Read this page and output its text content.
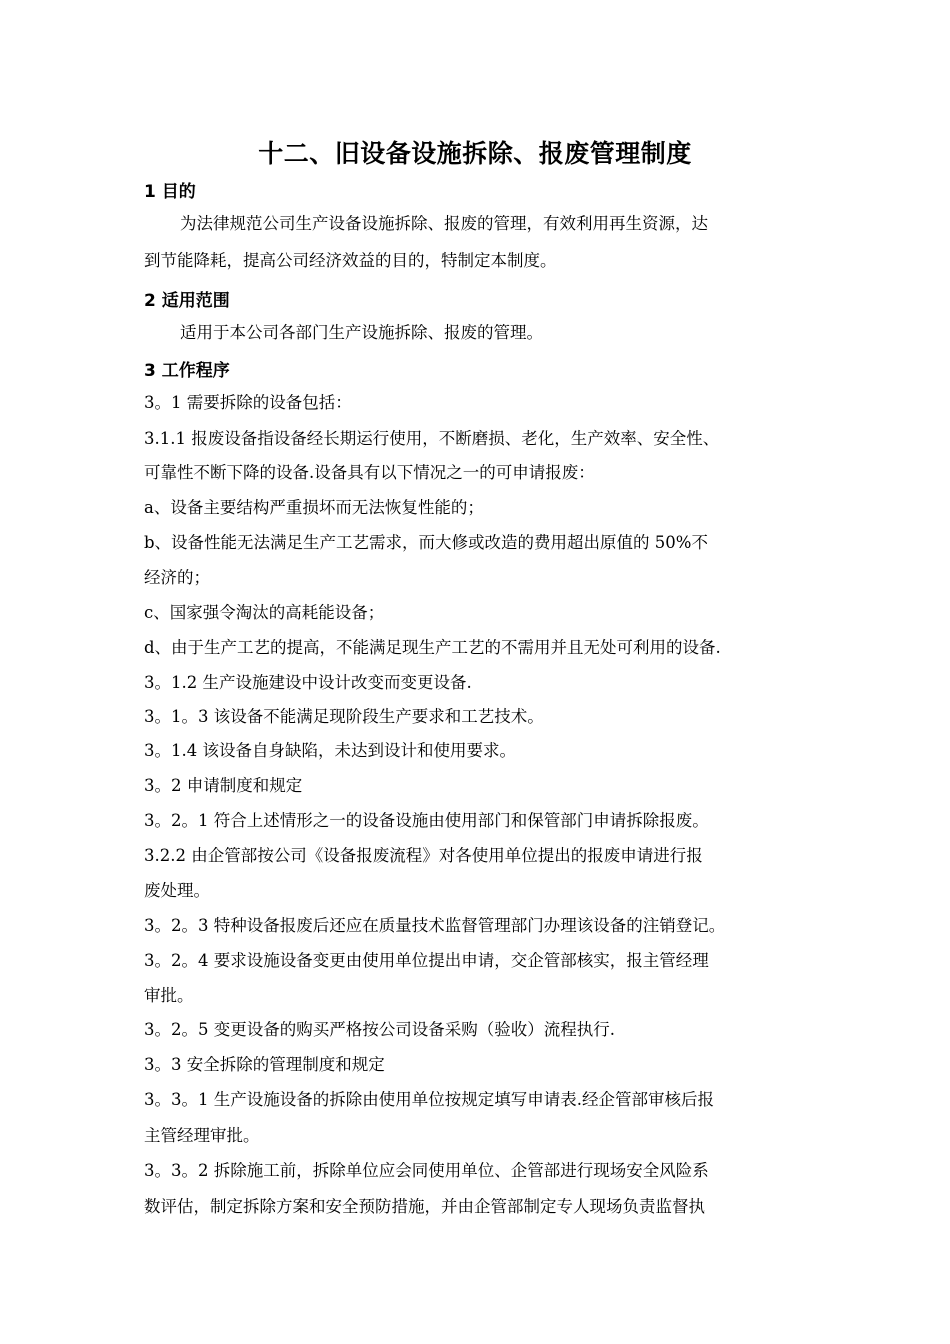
十二、旧设备设施拆除、报废管理制度
1 目的
为法律规范公司生产设备设施拆除、报废的管理，有效利用再生资源，达
到节能降耗，提高公司经济效益的目的，特制定本制度。
2 适用范围
适用于本公司各部门生产设施拆除、报废的管理。
3 工作程序
3。1 需要拆除的设备包括：
3.1.1 报废设备指设备经长期运行使用，不断磨损、老化，生产效率、安全性、
可靠性不断下降的设备.设备具有以下情况之一的可申请报废：
a、设备主要结构严重损坏而无法恢复性能的；
b、设备性能无法满足生产工艺需求，而大修或改造的费用超出原值的 50%不
经济的；
c、国家强令淘汰的高耗能设备；
d、由于生产工艺的提高，不能满足现生产工艺的不需用并且无处可利用的设备.
3。1.2 生产设施建设中设计改变而变更设备.
3。1。3 该设备不能满足现阶段生产要求和工艺技术。
3。1.4 该设备自身缺陷，未达到设计和使用要求。
3。2 申请制度和规定
3。2。1 符合上述情形之一的设备设施由使用部门和保管部门申请拆除报废。
3.2.2 由企管部按公司《设备报废流程》对各使用单位提出的报废申请进行报
废处理。
3。2。3 特种设备报废后还应在质量技术监督管理部门办理该设备的注销登记。
3。2。4 要求设施设备变更由使用单位提出申请，交企管部核实，报主管经理
审批。
3。2。5 变更设备的购买严格按公司设备采购（验收）流程执行.
3。3 安全拆除的管理制度和规定
3。3。1 生产设施设备的拆除由使用单位按规定填写申请表.经企管部审核后报
主管经理审批。
3。3。2 拆除施工前，拆除单位应会同使用单位、企管部进行现场安全风险系
数评估，制定拆除方案和安全预防措施，并由企管部制定专人现场负责监督执
